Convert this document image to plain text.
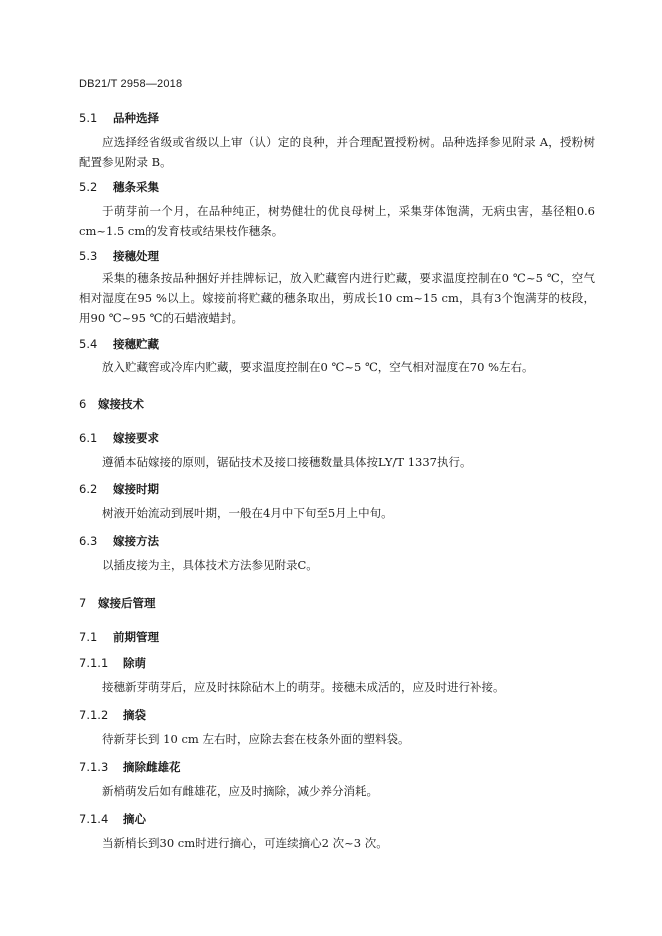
DB21/T 2958—2018
5.1 品种选择

应选择经省级或省级以上审（认）定的良种，并合理配置授粉树。品种选择参见附录 A，授粉树配置参见附录 B。

5.2 穗条采集

于萌芽前一个月，在品种纯正，树势健壮的优良母树上，采集芽体饱满，无病虫害，基径粗0.6 cm~1.5 cm的发育枝或结果枝作穗条。

5.3 接穗处理

采集的穗条按品种捆好并挂牌标记，放入贮藏窖内进行贮藏，要求温度控制在0 ℃~5 ℃，空气相对湿度在95 %以上。嫁接前将贮藏的穗条取出，剪成长10 cm~15 cm，具有3个饱满芽的枝段，用90 ℃~95 ℃的石蜡液蜡封。

5.4 接穗贮藏

放入贮藏窖或冷库内贮藏，要求温度控制在0 ℃~5 ℃，空气相对湿度在70 %左右。

6 嫁接技术
6.1 嫁接要求

遵循本砧嫁接的原则，锯砧技术及接口接穗数量具体按LY/T 1337执行。

6.2 嫁接时期

树液开始流动到展叶期，一般在4月中下旬至5月上中旬。

6.3 嫁接方法

以插皮接为主，具体技术方法参见附录C。

7 嫁接后管理
7.1 前期管理
7.1.1 除萌

接穗新芽萌芽后，应及时抹除砧木上的萌芽。接穗未成活的，应及时进行补接。

7.1.2 摘袋

待新芽长到 10 cm 左右时，应除去套在枝条外面的塑料袋。

7.1.3 摘除雌雄花

新梢萌发后如有雌雄花，应及时摘除，减少养分消耗。

7.1.4 摘心

当新梢长到30 cm时进行摘心，可连续摘心2 次~3 次。
